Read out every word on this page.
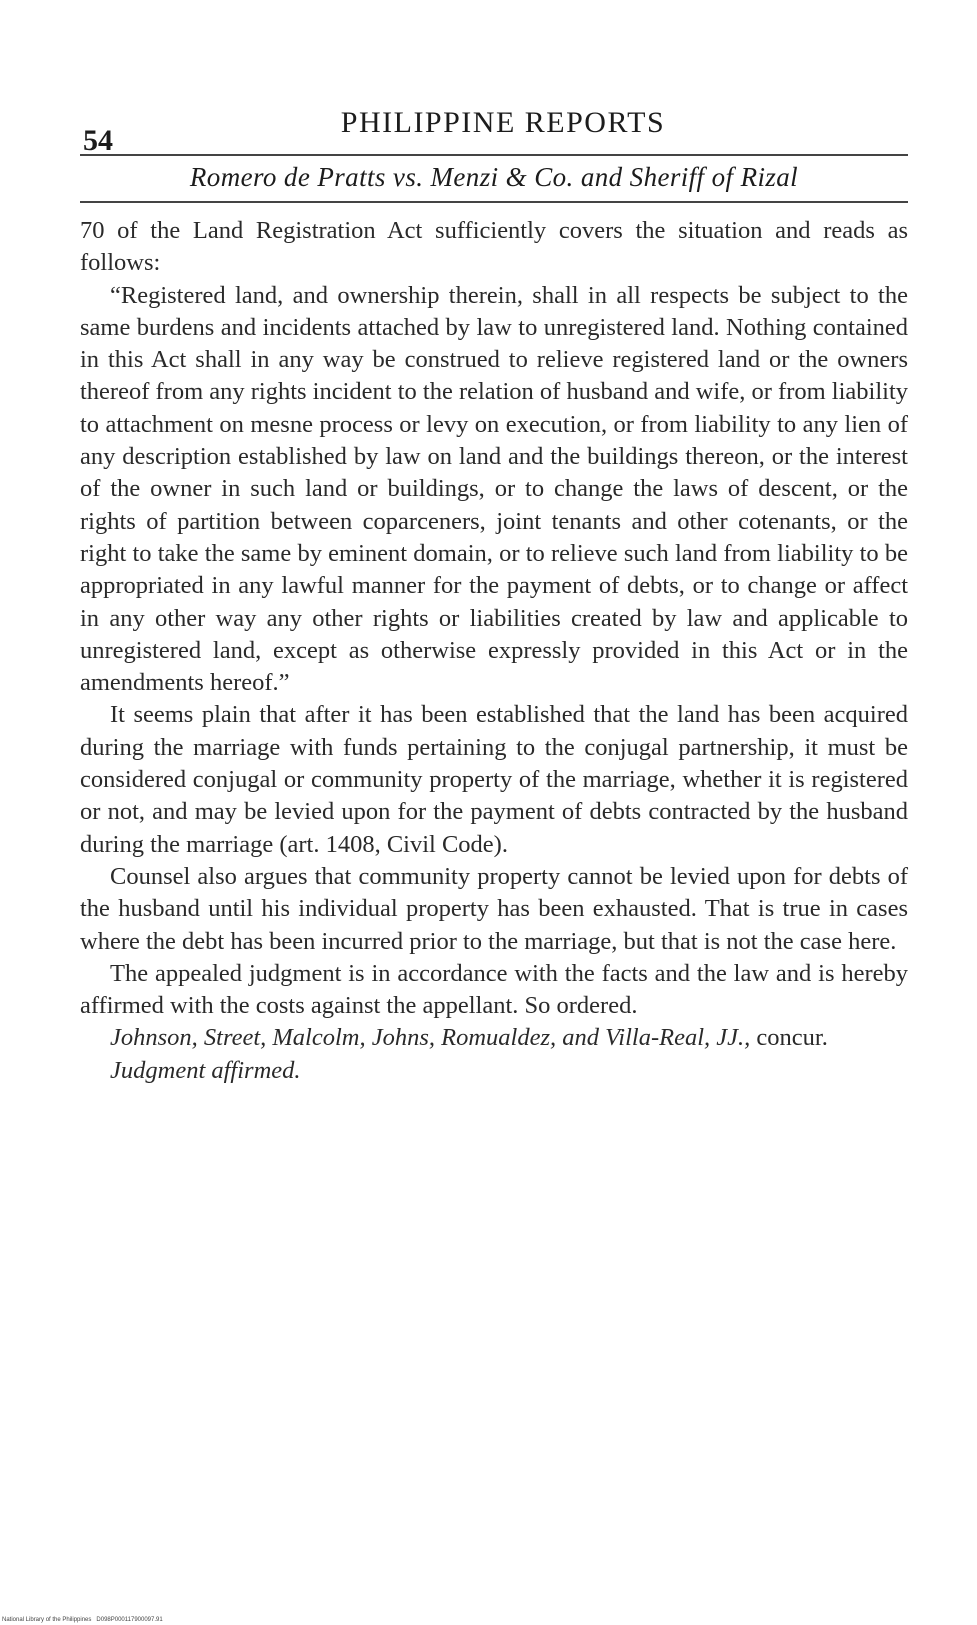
54
PHILIPPINE REPORTS
Romero de Pratts vs. Menzi & Co. and Sheriff of Rizal

70 of the Land Registration Act sufficiently covers the situation and reads as follows:

“Registered land, and ownership therein, shall in all respects be subject to the same burdens and incidents attached by law to unregistered land. Nothing contained in this Act shall in any way be construed to relieve registered land or the owners thereof from any rights incident to the relation of husband and wife, or from liability to attachment on mesne process or levy on execution, or from liability to any lien of any description established by law on land and the buildings thereon, or the interest of the owner in such land or buildings, or to change the laws of descent, or the rights of partition between coparceners, joint tenants and other cotenants, or the right to take the same by eminent domain, or to relieve such land from liability to be appropriated in any lawful manner for the payment of debts, or to change or affect in any other way any other rights or liabilities created by law and applicable to unregistered land, except as otherwise expressly provided in this Act or in the amendments hereof.”

It seems plain that after it has been established that the land has been acquired during the marriage with funds pertaining to the conjugal partnership, it must be considered conjugal or community property of the marriage, whether it is registered or not, and may be levied upon for the payment of debts contracted by the husband during the marriage (art. 1408, Civil Code).

Counsel also argues that community property cannot be levied upon for debts of the husband until his individual property has been exhausted. That is true in cases where the debt has been incurred prior to the marriage, but that is not the case here.

The appealed judgment is in accordance with the facts and the law and is hereby affirmed with the costs against the appellant. So ordered.

Johnson, Street, Malcolm, Johns, Romualdez, and Villa-Real, JJ., concur.

Judgment affirmed.

National Library of the Philippines D098P000117900097.91
